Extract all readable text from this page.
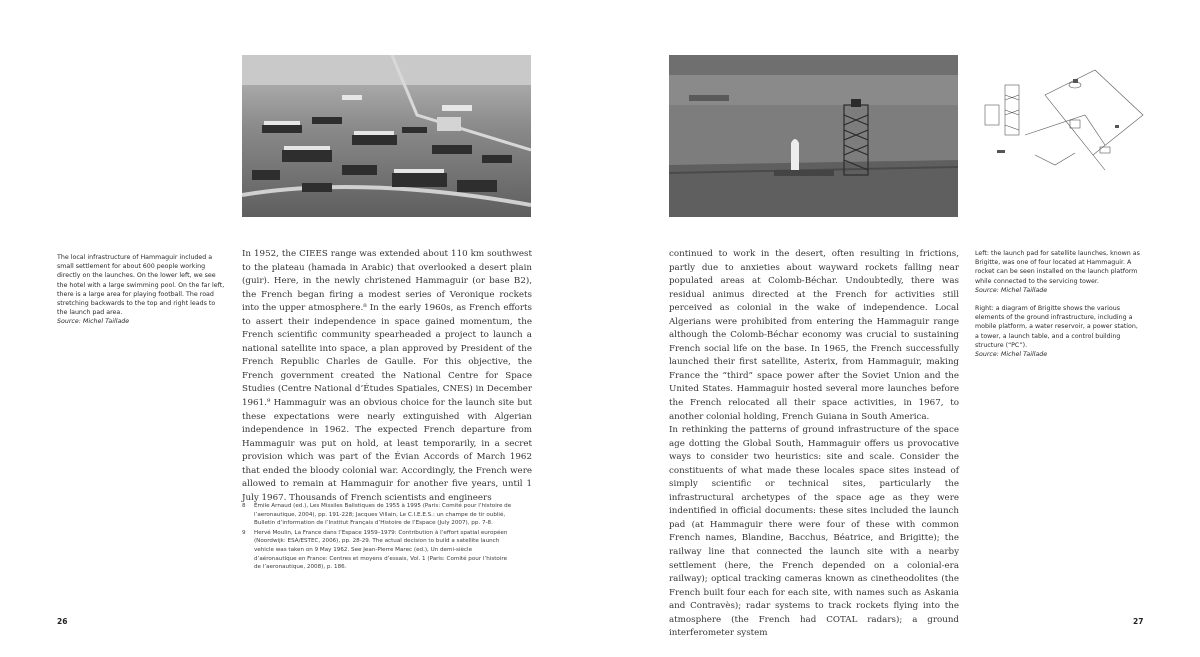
The local infrastructure of Hammaguir included a small settlement for about 600 people working directly on the launches. On the lower left, we see the hotel with a large swimming pool. On the far left, there is a large area for playing football. The road stretching backwards to the top and right leads to the launch pad area.
Source: Michel Taillade

In 1952, the CIEES range was extended about 110 km southwest to the plateau (hamada in Arabic) that overlooked a desert plain (guir). Here, in the newly christened Hammaguir (or base B2), the French began firing a modest series of Veronique rockets into the upper atmosphere.⁸ In the early 1960s, as French efforts to assert their independence in space gained momentum, the French scientific community spearheaded a project to launch a national satellite into space, a plan approved by President of the French Republic Charles de Gaulle. For this objective, the French government created the National Centre for Space Studies (Centre National d’Études Spatiales, CNES) in December 1961.⁹ Hammaguir was an obvious choice for the launch site but these expectations were nearly extinguished with Algerian independence in 1962. The expected French departure from Hammaguir was put on hold, at least temporarily, in a secret provision which was part of the Évian Accords of March 1962 that ended the bloody colonial war. Accordingly, the French were allowed to remain at Hammaguir for another five years, until 1 July 1967. Thousands of French scientists and engineers

8 Émile Arnaud (ed.), Les Missiles Balistiques de 1955 à 1995 (Paris: Comité pour l’histoire de l’aeronautique, 2004), pp. 191-228; Jacques Villain, Le C.I.E.E.S.: un champe de tir oublié, Bulletin d’information de l’Institut Français d’Histoire de l’Espace (July 2007), pp. 7-8.
9 Hervé Moulin, La France dans l’Espace 1959–1979: Contribution à l’effort spatial européen (Noordwijk: ESA/ESTEC, 2006), pp. 28-29. The actual decision to build a satellite launch vehicle was taken on 9 May 1962. See Jean-Pierre Marec (ed.), Un demi-siècle d’aéronautique en France: Centres et moyens d’essais, Vol. 1 (Paris: Comité pour l’histoire de l’aeronautique, 2008), p. 186.
26

continued to work in the desert, often resulting in frictions, partly due to anxieties about wayward rockets falling near populated areas at Colomb-Béchar. Undoubtedly, there was residual animus directed at the French for activities still perceived as colonial in the wake of independence. Local Algerians were prohibited from entering the Hammaguir range although the Colomb-Béchar economy was crucial to sustaining French social life on the base. In 1965, the French successfully launched their first satellite, Asterix, from Hammaguir, making France the “third” space power after the Soviet Union and the United States. Hammaguir hosted several more launches before the French relocated all their space activities, in 1967, to another colonial holding, French Guiana in South America.

In rethinking the patterns of ground infrastructure of the space age dotting the Global South, Hammaguir offers us provocative ways to consider two heuristics: site and scale. Consider the constituents of what made these locales space sites instead of simply scientific or technical sites, particularly the infrastructural archetypes of the space age as they were indentified in official documents: these sites included the launch pad (at Hammaguir there were four of these with common French names, Blandine, Bacchus, Béatrice, and Brigitte); the railway line that connected the launch site with a nearby settlement (here, the French depended on a colonial-era railway); optical tracking cameras known as cinetheodolites (the French built four each for each site, with names such as Askania and Contravès); radar systems to track rockets flying into the atmosphere (the French had COTAL radars); a ground interferometer system

Left: the launch pad for satellite launches, known as Brigitte, was one of four located at Hammaguir. A rocket can be seen installed on the launch platform while connected to the servicing tower.
Source: Michel Taillade

Right: a diagram of Brigitte shows the various elements of the ground infrastructure, including a mobile platform, a water reservoir, a power station, a tower, a launch table, and a control building structure (“PC”).
Source: Michel Taillade

27
